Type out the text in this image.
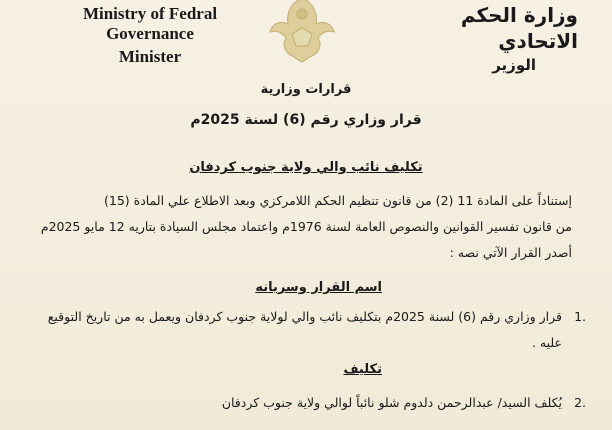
Ministry of Fedral Governance
Minister
وزارة الحكم الاتحادي
الوزير
قرارات وزارية
قرار وزاري رقم (6) لسنة 2025م
تكليف نائب والي ولاية جنوب كردفان
إستناداً على المادة 11 (2) من قانون تنظيم الحكم اللامركزي وبعد الاطلاع علي المادة (15)
من قانون تفسير القوانين والنصوص العامة لسنة 1976م واعتماد مجلس السيادة بتاريه 12 مايو 2025م
أصدر القرار الآتي نصه :
اسم القرار وسريانه
1.
قرار وزاري رقم (6) لسنة 2025م بتكليف نائب والي لولاية جنوب كردفان ويعمل به من تاريخ التوقيع عليه .
تكليف
2.
يُكلف السيد/ عبدالرحمن دلدوم شلو نائباً لوالي ولاية جنوب كردفان
